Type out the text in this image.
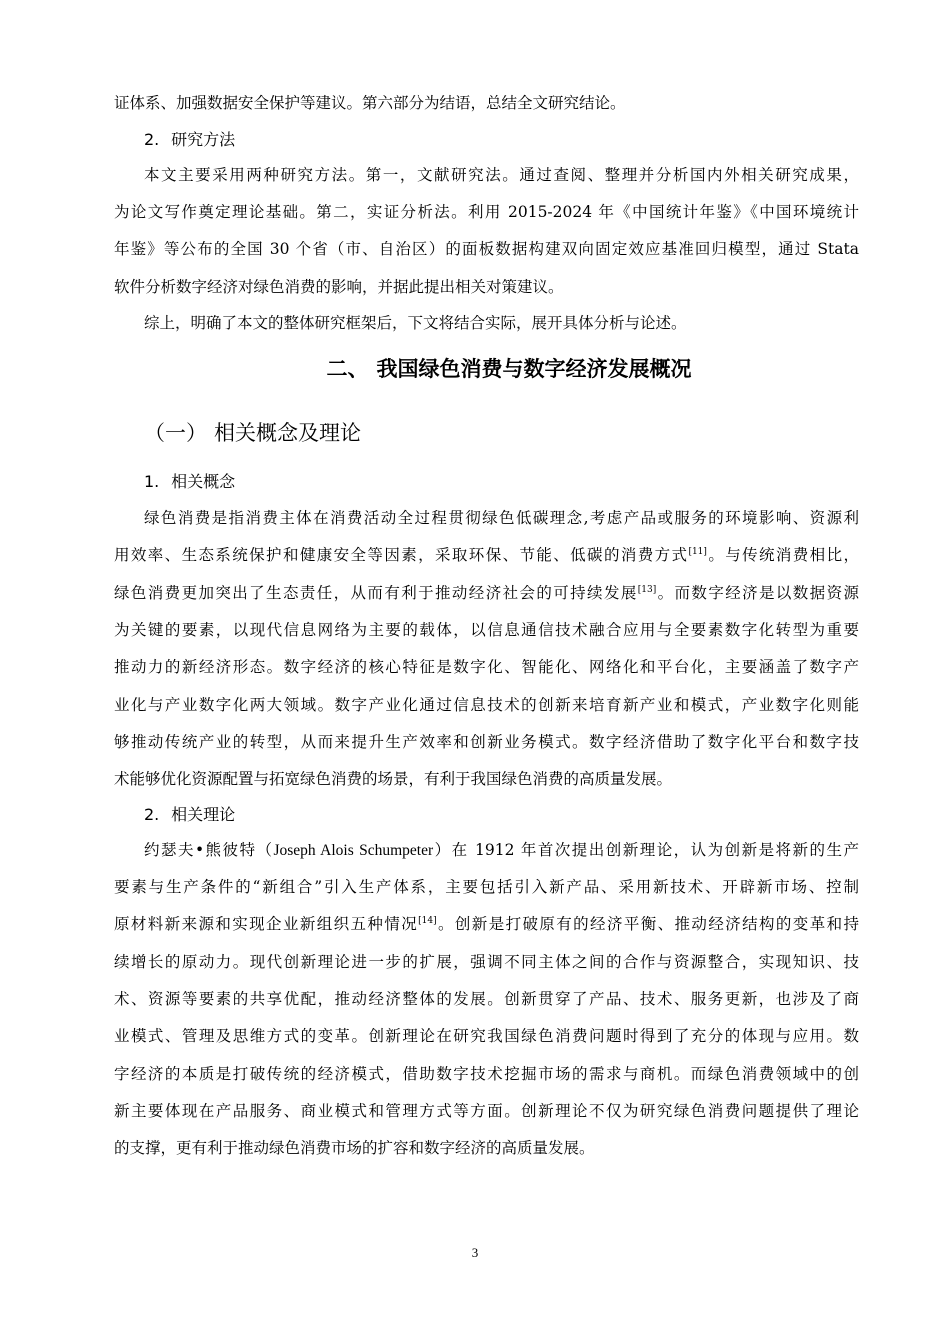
证体系、加强数据安全保护等建议。第六部分为结语，总结全文研究结论。
2. 研究方法
本文主要采用两种研究方法。第一，文献研究法。通过查阅、整理并分析国内外相关研究成果，
为论文写作奠定理论基础。第二，实证分析法。利用 2015-2024 年《中国统计年鉴》《中国环境统计
年鉴》等公布的全国 30 个省（市、自治区）的面板数据构建双向固定效应基准回归模型，通过 Stata
软件分析数字经济对绿色消费的影响，并据此提出相关对策建议。
综上，明确了本文的整体研究框架后，下文将结合实际，展开具体分析与论述。
二、 我国绿色消费与数字经济发展概况
（一） 相关概念及理论
1. 相关概念
绿色消费是指消费主体在消费活动全过程贯彻绿色低碳理念,考虑产品或服务的环境影响、资源利
用效率、生态系统保护和健康安全等因素，采取环保、节能、低碳的消费方式[11]。与传统消费相比，
绿色消费更加突出了生态责任，从而有利于推动经济社会的可持续发展[13]。而数字经济是以数据资源
为关键的要素，以现代信息网络为主要的载体，以信息通信技术融合应用与全要素数字化转型为重要
推动力的新经济形态。数字经济的核心特征是数字化、智能化、网络化和平台化，主要涵盖了数字产
业化与产业数字化两大领域。数字产业化通过信息技术的创新来培育新产业和模式，产业数字化则能
够推动传统产业的转型，从而来提升生产效率和创新业务模式。数字经济借助了数字化平台和数字技
术能够优化资源配置与拓宽绿色消费的场景，有利于我国绿色消费的高质量发展。
2. 相关理论
约瑟夫•熊彼特（Joseph Alois Schumpeter）在 1912 年首次提出创新理论，认为创新是将新的生产
要素与生产条件的“新组合”引入生产体系，主要包括引入新产品、采用新技术、开辟新市场、控制
原材料新来源和实现企业新组织五种情况[14]。创新是打破原有的经济平衡、推动经济结构的变革和持
续增长的原动力。现代创新理论进一步的扩展，强调不同主体之间的合作与资源整合，实现知识、技
术、资源等要素的共享优配，推动经济整体的发展。创新贯穿了产品、技术、服务更新，也涉及了商
业模式、管理及思维方式的变革。创新理论在研究我国绿色消费问题时得到了充分的体现与应用。数
字经济的本质是打破传统的经济模式，借助数字技术挖掘市场的需求与商机。而绿色消费领域中的创
新主要体现在产品服务、商业模式和管理方式等方面。创新理论不仅为研究绿色消费问题提供了理论
的支撑，更有利于推动绿色消费市场的扩容和数字经济的高质量发展。
3
